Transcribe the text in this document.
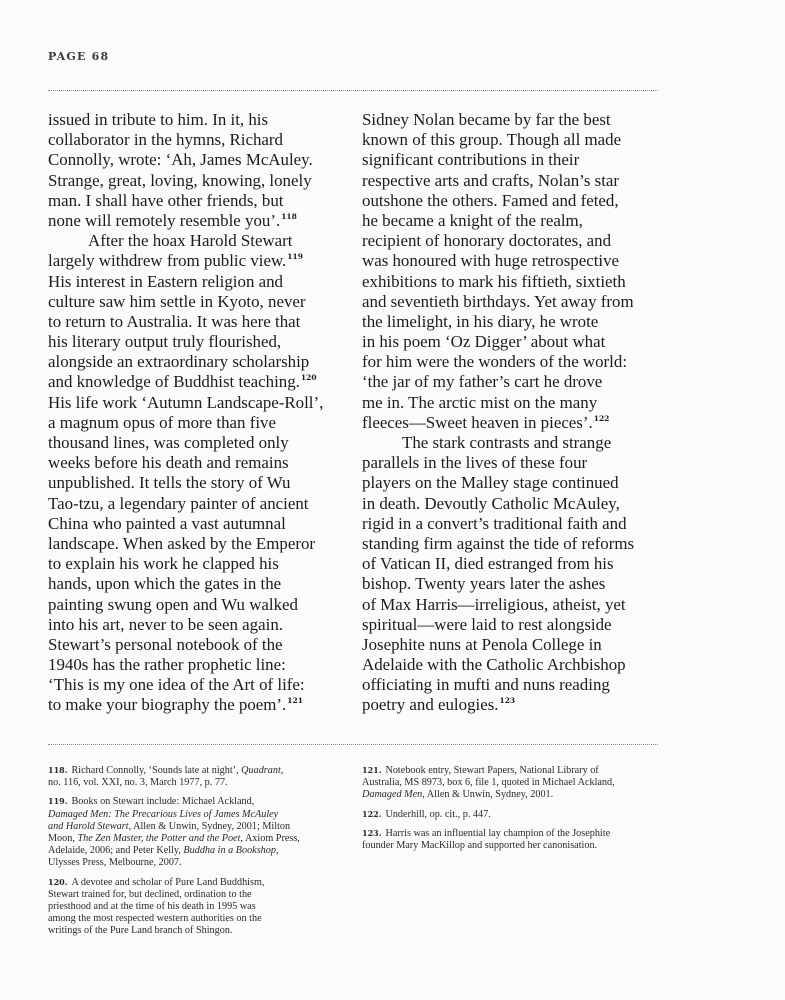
PAGE 68
issued in tribute to him. In it, his
collaborator in the hymns, Richard
Connolly, wrote: ‘Ah, James McAuley.
Strange, great, loving, knowing, lonely
man. I shall have other friends, but
none will remotely resemble you’.$^{118}$
After the hoax Harold Stewart
largely withdrew from public view.$^{119}$
His interest in Eastern religion and
culture saw him settle in Kyoto, never
to return to Australia. It was here that
his literary output truly flourished,
alongside an extraordinary scholarship
and knowledge of Buddhist teaching.$^{120}$
His life work ‘Autumn Landscape-Roll’,
a magnum opus of more than five
thousand lines, was completed only
weeks before his death and remains
unpublished. It tells the story of Wu
Tao-tzu, a legendary painter of ancient
China who painted a vast autumnal
landscape. When asked by the Emperor
to explain his work he clapped his
hands, upon which the gates in the
painting swung open and Wu walked
into his art, never to be seen again.
Stewart’s personal notebook of the
1940s has the rather prophetic line:
‘This is my one idea of the Art of life:
to make your biography the poem’.$^{121}$
Sidney Nolan became by far the best
known of this group. Though all made
significant contributions in their
respective arts and crafts, Nolan’s star
outshone the others. Famed and feted,
he became a knight of the realm,
recipient of honorary doctorates, and
was honoured with huge retrospective
exhibitions to mark his fiftieth, sixtieth
and seventieth birthdays. Yet away from
the limelight, in his diary, he wrote
in his poem ‘Oz Digger’ about what
for him were the wonders of the world:
‘the jar of my father’s cart he drove
me in. The arctic mist on the many
fleeces—Sweet heaven in pieces’.$^{122}$
The stark contrasts and strange
parallels in the lives of these four
players on the Malley stage continued
in death. Devoutly Catholic McAuley,
rigid in a convert’s traditional faith and
standing firm against the tide of reforms
of Vatican II, died estranged from his
bishop. Twenty years later the ashes
of Max Harris—irreligious, atheist, yet
spiritual—were laid to rest alongside
Josephite nuns at Penola College in
Adelaide with the Catholic Archbishop
officiating in mufti and nuns reading
poetry and eulogies.$^{123}$
118. Richard Connolly, ‘Sounds late at night’, Quadrant,
no. 116, vol. XXI, no. 3, March 1977, p. 77.
119. Books on Stewart include: Michael Ackland,
Damaged Men: The Precarious Lives of James McAuley
and Harold Stewart, Allen & Unwin, Sydney, 2001; Milton
Moon, The Zen Master, the Potter and the Poet, Axiom Press,
Adelaide, 2006; and Peter Kelly, Buddha in a Bookshop,
Ulysses Press, Melbourne, 2007.
120. A devotee and scholar of Pure Land Buddhism,
Stewart trained for, but declined, ordination to the
priesthood and at the time of his death in 1995 was
among the most respected western authorities on the
writings of the Pure Land branch of Shingon.
121. Notebook entry, Stewart Papers, National Library of
Australia, MS 8973, box 6, file 1, quoted in Michael Ackland,
Damaged Men, Allen & Unwin, Sydney, 2001.
122. Underhill, op. cit., p. 447.
123. Harris was an influential lay champion of the Josephite
founder Mary MacKillop and supported her canonisation.
